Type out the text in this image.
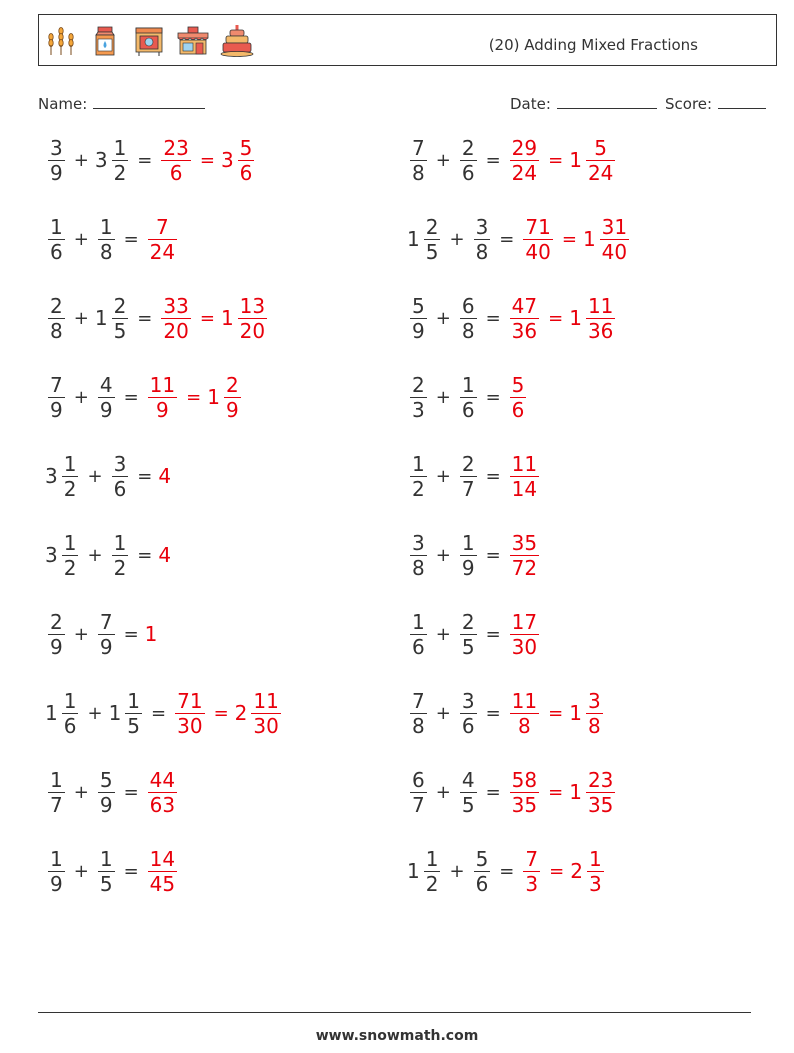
(20) Adding Mixed Fractions
Name:	Date:	Score:
$\frac{3}{9} + 3 \frac{1}{2} = \frac{23}{6} = 3 \frac{5}{6}$
$\frac{1}{6} + \frac{1}{8} = \frac{7}{24}$
$\frac{2}{8} + 1 \frac{2}{5} = \frac{33}{20} = 1 \frac{13}{20}$
$\frac{7}{9} + \frac{4}{9} = \frac{11}{9} = 1 \frac{2}{9}$
$3 \frac{1}{2} + \frac{3}{6} = 4$
$3 \frac{1}{2} + \frac{1}{2} = 4$
$\frac{2}{9} + \frac{7}{9} = 1$
$1 \frac{1}{6} + 1 \frac{1}{5} = \frac{71}{30} = 2 \frac{11}{30}$
$\frac{1}{7} + \frac{5}{9} = \frac{44}{63}$
$\frac{1}{9} + \frac{1}{5} = \frac{14}{45}$
$\frac{7}{8} + \frac{2}{6} = \frac{29}{24} = 1 \frac{5}{24}$
$1 \frac{2}{5} + \frac{3}{8} = \frac{71}{40} = 1 \frac{31}{40}$
$\frac{5}{9} + \frac{6}{8} = \frac{47}{36} = 1 \frac{11}{36}$
$\frac{2}{3} + \frac{1}{6} = \frac{5}{6}$
$\frac{1}{2} + \frac{2}{7} = \frac{11}{14}$
$\frac{3}{8} + \frac{1}{9} = \frac{35}{72}$
$\frac{1}{6} + \frac{2}{5} = \frac{17}{30}$
$\frac{7}{8} + \frac{3}{6} = \frac{11}{8} = 1 \frac{3}{8}$
$\frac{6}{7} + \frac{4}{5} = \frac{58}{35} = 1 \frac{23}{35}$
$1 \frac{1}{2} + \frac{5}{6} = \frac{7}{3} = 2 \frac{1}{3}$
www.snowmath.com
